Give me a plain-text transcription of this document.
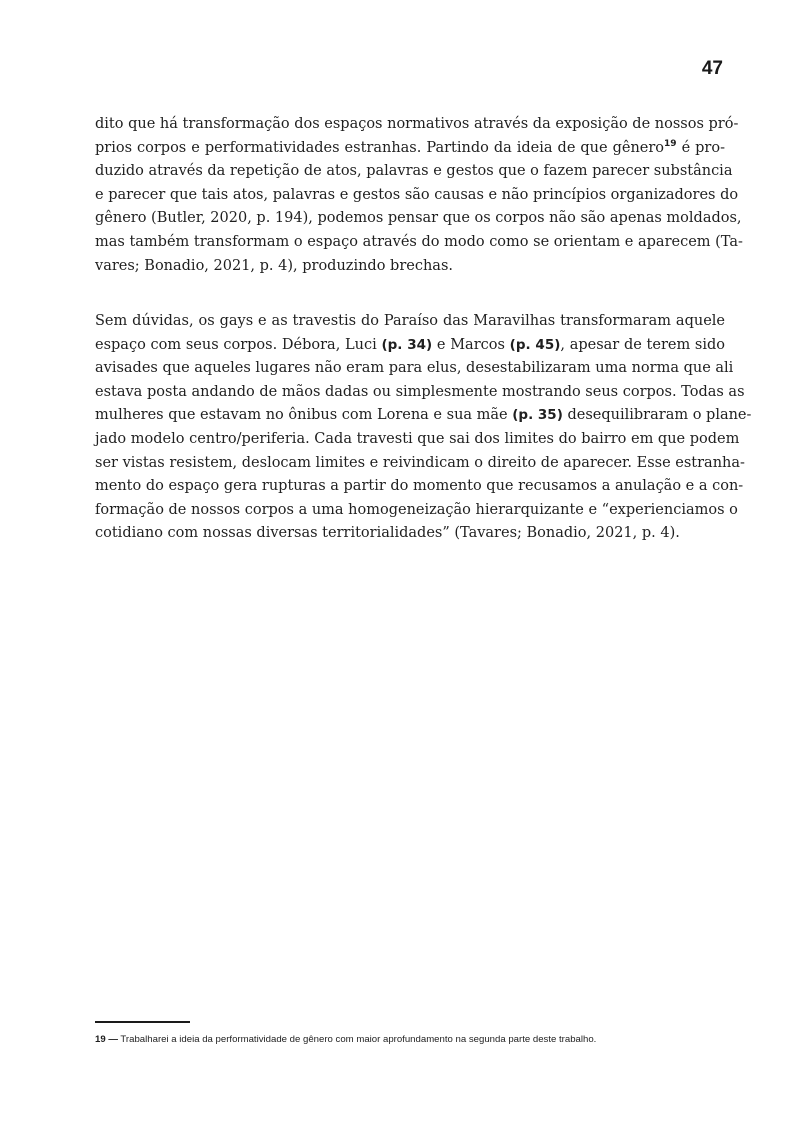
47
dito que há transformação dos espaços normativos através da exposição de nossos pró-
prios corpos e performatividades estranhas. Partindo da ideia de que gênero$^{19}$ é pro-
duzido através da repetição de atos, palavras e gestos que o fazem parecer substância
e parecer que tais atos, palavras e gestos são causas e não princípios organizadores do
gênero (Butler, 2020, p. 194), podemos pensar que os corpos não são apenas moldados,
mas também transformam o espaço através do modo como se orientam e aparecem (Ta-
vares; Bonadio, 2021, p. 4), produzindo brechas.
Sem dúvidas, os gays e as travestis do Paraíso das Maravilhas transformaram aquele
espaço com seus corpos. Débora, Luci (p. 34) e Marcos (p. 45), apesar de terem sido
avisades que aqueles lugares não eram para elus, desestabilizaram uma norma que ali
estava posta andando de mãos dadas ou simplesmente mostrando seus corpos. Todas as
mulheres que estavam no ônibus com Lorena e sua mãe (p. 35) desequilibraram o plane-
jado modelo centro/periferia. Cada travesti que sai dos limites do bairro em que podem
ser vistas resistem, deslocam limites e reivindicam o direito de aparecer. Esse estranha-
mento do espaço gera rupturas a partir do momento que recusamos a anulação e a con-
formação de nossos corpos a uma homogeneização hierarquizante e “experienciamos o
cotidiano com nossas diversas territorialidades” (Tavares; Bonadio, 2021, p. 4).
19 — Trabalharei a ideia da performatividade de gênero com maior aprofundamento na segunda parte deste trabalho.
